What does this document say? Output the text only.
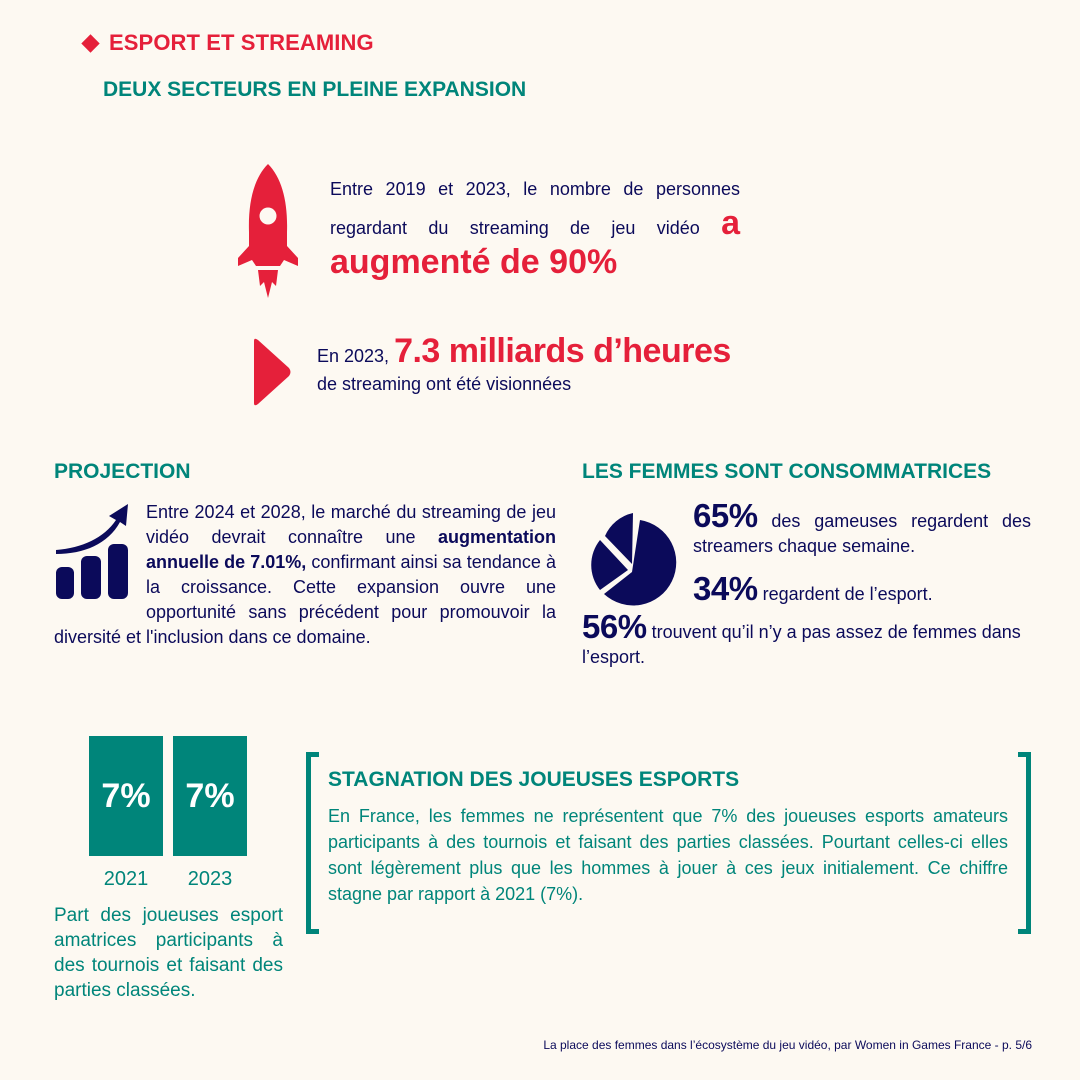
ESPORT ET STREAMING
DEUX SECTEURS EN PLEINE EXPANSION
Entre 2019 et 2023, le nombre de personnes regardant du streaming de jeu vidéo a augmenté de 90%
En 2023, 7.3 milliards d’heures
de streaming ont été visionnées
PROJECTION
Entre 2024 et 2028, le marché du streaming de jeu vidéo devrait connaître une augmentation annuelle de 7.01%, confirmant ainsi sa tendance à la croissance. Cette expansion ouvre une opportunité sans précédent pour promouvoir la diversité et l'inclusion dans ce domaine.
LES FEMMES SONT CONSOMMATRICES
65% des gameuses regardent des streamers chaque semaine.
34% regardent de l’esport.
56% trouvent qu’il n’y a pas assez de femmes dans l’esport.
7%	7%
2021	2023
Part des joueuses esport amatrices participants à des tournois et faisant des parties classées.
STAGNATION DES JOUEUSES ESPORTS
En France, les femmes ne représentent que 7% des joueuses esports amateurs participants à des tournois et faisant des parties classées. Pourtant celles-ci elles sont légèrement plus que les hommes à jouer à ces jeux initialement. Ce chiffre stagne par rapport à 2021 (7%).
La place des femmes dans l’écosystème du jeu vidéo, par Women in Games France - p. 5/6
